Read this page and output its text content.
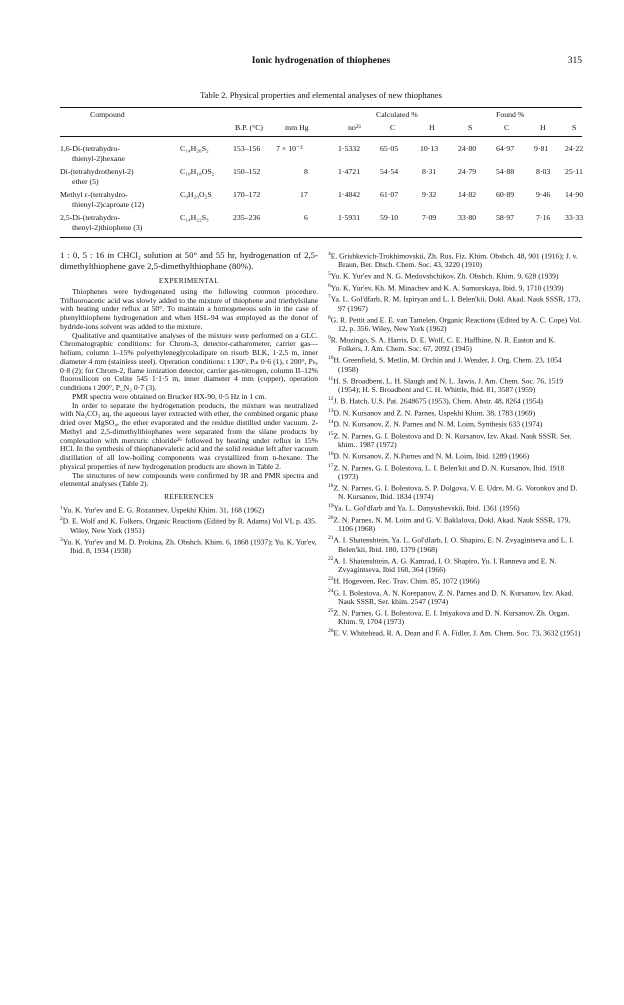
Ionic hydrogenation of thiophenes	315
Table 2. Physical properties and elemental analyses of new thiophanes
Compound	Calculated %	Found %
B.P. (°C)	mm Hg	nᴅ²³	C	H	S	C	H	S
1,6-Di-(tetrahydro-
thienyl-2)hexane
C₁₄H₂₆S₂	153–156 7 × 10⁻²	1·5332	65·05	10·13	24·80	64·97	9·81 24·22
Di-(tetrahydrothenyl-2)
ether (5)
C₁₀H₁₈OS₂ 150–152	8	1·4721	54·54	8·31	24·79	54·88	8·03 25·11
Methyl ε-(tetrahydro-
thienyl-2)caproate (12)
C₉H₂₀O₂S	170–172	17	1·4842	61·07	9·32	14·82	60·89	9·46 14·90
2,5-Di-(tetrahydro-
thenyl-2)thiophene (3)
C₁₄H₂₂S₃	235–236	6	1·5931	59·10	7·09	33·80	58·97	7·16 33·33

1 : 0, 5 : 16 in CHCl₃ solution at 50° and 55 hr, hydrogenation of 2,5-dimethylthiophene gave 2,5-dimethylthiophane (80%).

EXPERIMENTAL

Thiophenes were hydrogenated using the following common procedure. Trifluoroacetic acid was slowly added to the mixture of thiophene and triethylsilane with heating under reflux at 50°. To maintain a homogeneous soln in the case of phenylthiophene hydrogenation and when HSL-94 was employed as the donor of hydride-ions solvent was added to the mixture.

Qualitative and quantitative analyses of the mixture were performed on a GLC. Chromatographic conditions: for Chrom-3, detector-catharometer, carrier gas—helium, column 1–15% polyethyleneglycoladipate on risorb BLK, 1·2,5 m, inner diameter 4 mm (stainless steel). Operation conditions: t 130°, Pᵢₙ 0·6 (1), t 200°, Pₕₑ 0·8 (2); for Chrom-2, flame ionization detector, carrier gas-nitrogen, column II–12% fluorosilicon on Celite 545 1·1·5 m, inner diameter 4 mm (copper), operation conditions t 200°, P_N₂ 0·7 (3).

PMR spectra were obtained on Brucker HX-90, 0·5 Hz in 1 cm.

In order to separate the hydrogenation products, the mixture was neutralized with Na₂CO₃ aq, the aqueous layer extracted with ether, the combined organic phase dried over MgSO₄, the ether evaporated and the residue distilled under vacuum. 2-Methyl and 2,5-dimethylthiophanes were separated from the silane products by complexation with mercuric chloride²⁶ followed by heating under reflux in 15% HCl. In the synthesis of thiophanevaleric acid and the solid residue left after vacuum distillation of all low-boiling components was crystallized from n-hexane. The physical properties of new hydrogenation products are shown in Table 2.

The structures of new compounds were confirmed by IR and PMR spectra and elemental analyses (Table 2).

REFERENCES

$^1$Yu. K. Yur'ev and E. G. Rozantsev, Uspekhi Khim. 31, 168 (1962)

$^2$D. E. Wolf and K. Folkers, Organic Reactions (Edited by R. Adams) Vol VI, p. 435. Wiley, New York (1951)

$^3$Yu. K. Yur'ev and M. D. Prokina, Zh. Obshch. Khim. 6, 1868 (1937); Yu. K. Yur'ev, Ibid. 8, 1934 (1938)

$^4$E. Grishkevich-Trokhimovskii, Zh. Rus, Fiz. Khim. Obshch. 48, 901 (1916); J. v. Braun, Ber. Dtsch. Chem. Soc. 43, 3220 (1910)

$^5$Yu. K. Yur'ev and N. G. Medovshchikov, Zh. Obshch. Khim. 9, 628 (1939)

$^6$Yu. K. Yur'ev, Kh. M. Minachev and K. A. Samurskaya, Ibid. 9, 1710 (1939)

$^7$Ya. L. Gol'dfarb, R. M. Ispiryan and L. I. Belen'kii, Dokl. Akad. Nauk SSSR, 173, 97 (1967)

$^8$G. R. Pettit and E. E. van Tamelen, Organic Reactions (Edited by A. C. Cope) Vol. 12, p. 356. Wiley, New York (1962)

$^9$R. Mozingo, S. A. Harris, D. E. Wolf, C. E. Haffhine, N. R. Easton and K. Folkers, J. Am. Chem. Soc. 67, 2092 (1945)

$^{10}$H. Greenfield, S. Metlin, M. Orchin and J. Wender, J. Org. Chem. 23, 1054 (1958)

$^{11}$H. S. Broadbent, L. H. Slaugh and N. L. Jawis, J. Am. Chem. Soc. 76, 1519 (1954); H. S. Broadbent and C. H. Whittle, Ibid. 81, 3587 (1959)

$^{12}$J. B. Hatch, U.S. Pat. 2648675 (1953), Chem. Abstr. 48, 8264 (1954)

$^{13}$D. N. Kursanov and Z. N. Parnes, Uspekhi Khim. 38, 1783 (1969)

$^{14}$D. N. Kursanov, Z. N. Parnes and N. M. Loim, Synthesis 633 (1974)

$^{15}$Z. N. Parnes, G. I. Bolestova and D. N. Kursanov, Izv. Akad. Nauk SSSR. Ser. khim.. 1987 (1972)

$^{16}$D. N. Kursanov, Z. N.Parnes and N. M. Loim, Ibid. 1289 (1966)

$^{17}$Z. N. Parnes, G. I. Bolestova, L. I. Belen'kii and D. N. Kursanov, Ibid. 1918 (1973)

$^{18}$Z. N. Parnes, G. I. Bolestova, S. P. Dolgova, V. E. Udre, M. G. Voronkov and D. N. Kursanov, Ibid. 1834 (1974)

$^{19}$Ya. L. Gol'dfarb and Ya. L. Danyushevskii, Ibid. 1361 (1956)

$^{20}$Z. N. Parnes, N. M. Loim and G. V. Baklalova, Dokl. Akad. Nauk SSSR, 179, 1106 (1968)

$^{21}$A. I. Shatenshtein, Ya. L. Gol'dfarb, I. O. Shapiro, E. N. Zvyagintseva and L. I. Belen'kii, Ibid. 180, 1379 (1968)

$^{22}$A. I. Shatenshtein, A. G. Kamrad, I. O. Shapiro, Yu. I. Ranneva and E. N. Zvyagintseva, Ibid 168, 364 (1966)

$^{23}$H. Hogeveen, Rec. Trav. Chim. 85, 1072 (1966)

$^{24}$G. I. Bolestova, A. N. Korepanov, Z. N. Parnes and D. N. Kursanov, Izv. Akad. Nauk SSSR, Ser. khim. 2547 (1974)

$^{25}$Z. N. Parnes, G. I. Bolestova, E. I. Intyakova and D. N. Kursanov, Zh. Organ. Khim. 9, 1704 (1973)

$^{26}$E. V. Whitehead, R. A. Dean and F. A. Fidler, J. Am. Chem. Soc. 73, 3632 (1951)
